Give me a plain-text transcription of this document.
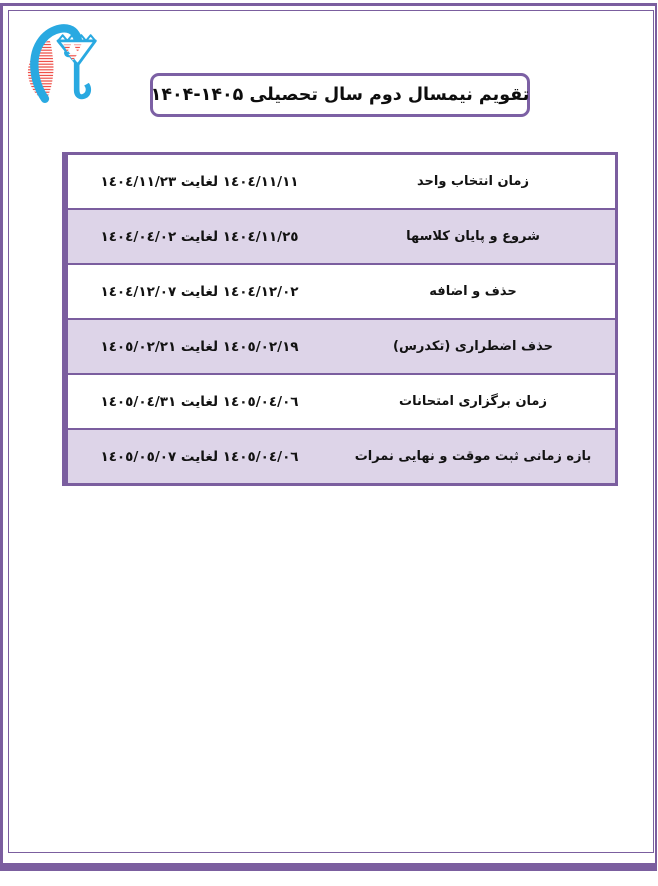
تقویم نیمسال دوم سال تحصیلی ۱۴۰۵-۱۴۰۴
١٤٠٤/١١/١١ لغایت ١٤٠٤/١١/٢٣	زمان انتخاب واحد
١٤٠٤/١١/٢٥ لغایت ١٤٠٤/٠٤/٠٢	شروع و پایان کلاسها
١٤٠٤/١٢/٠٢ لغایت ١٤٠٤/١٢/٠٧	حذف و اضافه
١٤٠٥/٠٢/١٩ لغایت ١٤٠٥/٠٢/٢١	حذف اضطراری (تکدرس)
١٤٠٥/٠٤/٠٦ لغایت ١٤٠٥/٠٤/٣١	زمان برگزاری امتحانات
١٤٠٥/٠٤/٠٦ لغایت ١٤٠٥/٠٥/٠٧	بازه زمانی ثبت موقت و نهایی نمرات
